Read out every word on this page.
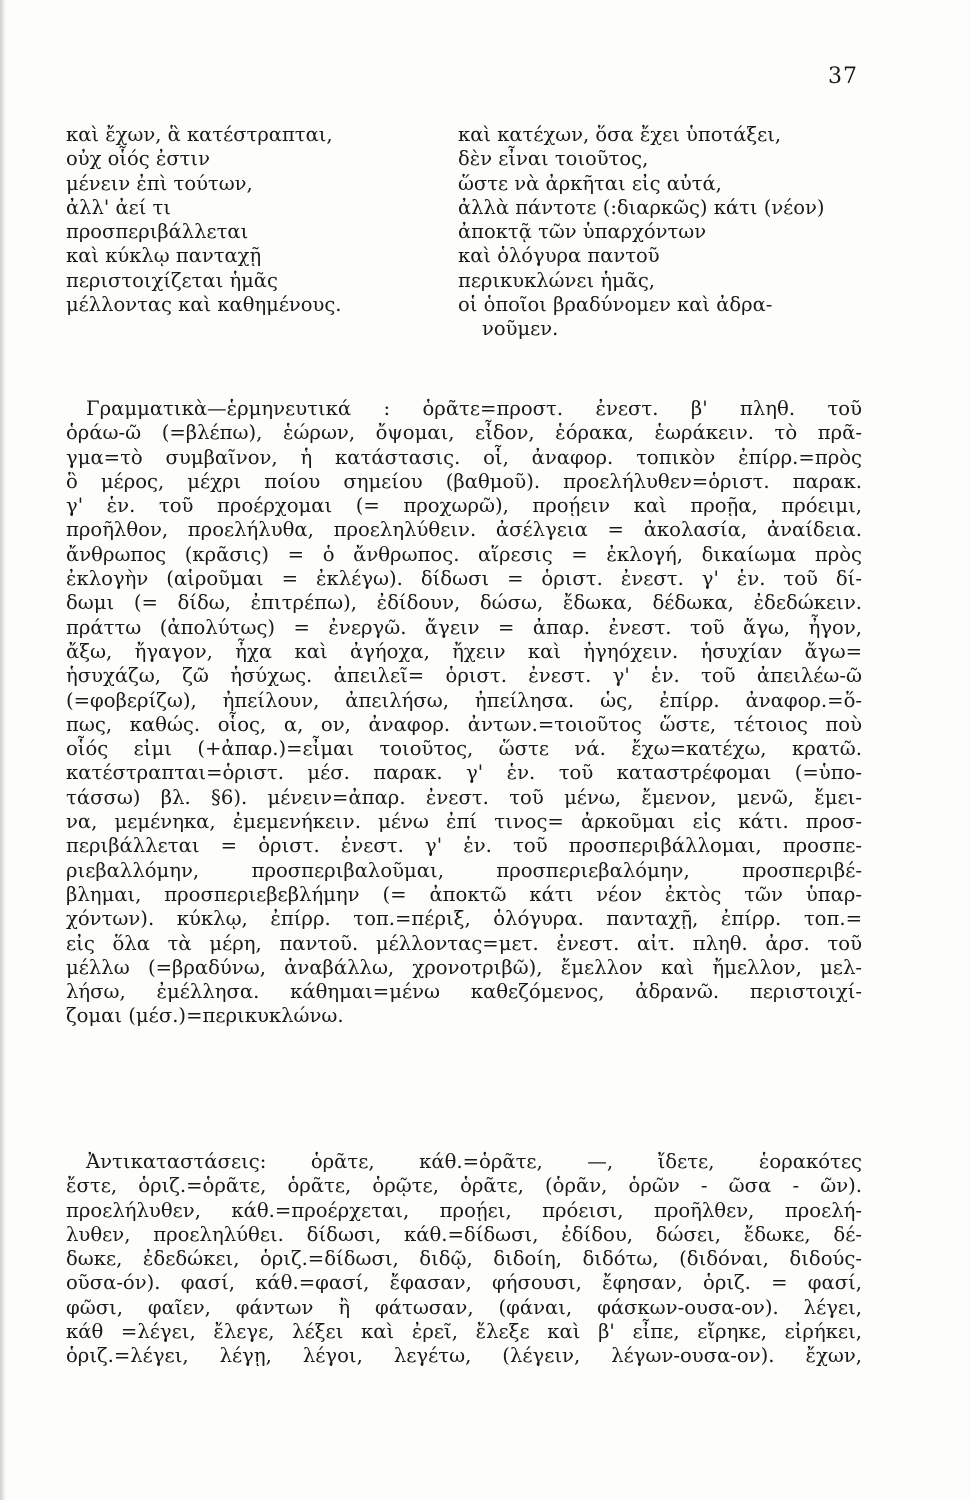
37
καὶ ἔχων, ἃ κατέστραπται,
οὐχ οἷός ἐστιν
μένειν ἐπὶ τούτων,
ἀλλ' ἀεί τι
προσπεριβάλλεται
καὶ κύκλῳ πανταχῇ
περιστοιχίζεται ἡμᾶς
μέλλοντας καὶ καθημένους.
καὶ κατέχων, ὅσα ἔχει ὑποτάξει,
δὲν εἶναι τοιοῦτος,
ὥστε νὰ ἀρκῆται εἰς αὐτά,
ἀλλὰ πάντοτε (:διαρκῶς) κάτι (νέον)
ἀποκτᾷ τῶν ὑπαρχόντων
καὶ ὁλόγυρα παντοῦ
περικυκλώνει ἡμᾶς,
οἱ ὁποῖοι βραδύνομεν καὶ ἀδρα-
νοῦμεν.
Γραμματικὰ—ἑρμηνευτικά : ὁρᾶτε=προστ. ἐνεστ. β' πληθ. τοῦ
ὁράω-ῶ (=βλέπω), ἑώρων, ὄψομαι, εἶδον, ἑόρακα, ἑωράκειν. τὸ πρᾶ-
γμα=τὸ συμβαῖνον, ἡ κατάστασις. οἷ, ἀναφορ. τοπικὸν ἐπίρρ.=πρὸς
ὃ μέρος, μέχρι ποίου σημείου (βαθμοῦ). προελήλυθεν=ὁριστ. παρακ.
γ' ἑν. τοῦ προέρχομαι (= προχωρῶ), προῄειν καὶ προῇα, πρόειμι,
προῆλθον, προελήλυθα, προεληλύθειν. ἀσέλγεια = ἀκολασία, ἀναίδεια.
ἄνθρωπος (κρᾶσις) = ὁ ἄνθρωπος. αἵρεσις = ἐκλογή, δικαίωμα πρὸς
ἐκλογὴν (αἱροῦμαι = ἐκλέγω). δίδωσι = ὁριστ. ἐνεστ. γ' ἑν. τοῦ δί-
δωμι (= δίδω, ἐπιτρέπω), ἐδίδουν, δώσω, ἔδωκα, δέδωκα, ἐδεδώκειν.
πράττω (ἀπολύτως) = ἐνεργῶ. ἄγειν = ἀπαρ. ἐνεστ. τοῦ ἄγω, ἦγον,
ἄξω, ἤγαγον, ἦχα καὶ ἀγήοχα, ἤχειν καὶ ἠγηόχειν. ἡσυχίαν ἄγω=
ἡσυχάζω, ζῶ ἡσύχως. ἀπειλεῖ= ὁριστ. ἐνεστ. γ' ἑν. τοῦ ἀπειλέω-ῶ
(=φοβερίζω), ἠπείλουν, ἀπειλήσω, ἠπείλησα. ὡς, ἐπίρρ. ἀναφορ.=ὅ-
πως, καθώς. οἷος, α, ον, ἀναφορ. ἀντων.=τοιοῦτος ὥστε, τέτοιος ποὺ
οἷός εἰμι (+ἀπαρ.)=εἶμαι τοιοῦτος, ὥστε νά. ἔχω=κατέχω, κρατῶ.
κατέστραπται=ὁριστ. μέσ. παρακ. γ' ἑν. τοῦ καταστρέφομαι (=ὑπο-
τάσσω) βλ. §6). μένειν=ἀπαρ. ἐνεστ. τοῦ μένω, ἔμενον, μενῶ, ἔμει-
να, μεμένηκα, ἐμεμενήκειν. μένω ἐπί τινος= ἀρκοῦμαι εἰς κάτι. προσ-
περιβάλλεται = ὁριστ. ἐνεστ. γ' ἑν. τοῦ προσπεριβάλλομαι, προσπε-
ριεβαλλόμην, προσπεριβαλοῦμαι, προσπεριεβαλόμην, προσπεριβέ-
βλημαι, προσπεριεβεβλήμην (= ἀποκτῶ κάτι νέον ἐκτὸς τῶν ὑπαρ-
χόντων). κύκλῳ, ἐπίρρ. τοπ.=πέριξ, ὁλόγυρα. πανταχῇ, ἐπίρρ. τοπ.=
εἰς ὅλα τὰ μέρη, παντοῦ. μέλλοντας=μετ. ἐνεστ. αἰτ. πληθ. ἀρσ. τοῦ
μέλλω (=βραδύνω, ἀναβάλλω, χρονοτριβῶ), ἔμελλον καὶ ἤμελλον, μελ-
λήσω, ἐμέλλησα. κάθημαι=μένω καθεζόμενος, ἀδρανῶ. περιστοιχί-
ζομαι (μέσ.)=περικυκλώνω.
Ἀντικαταστάσεις: ὁρᾶτε, κάθ.=ὁρᾶτε, —, ἴδετε, ἑορακότες
ἔστε, ὁριζ.=ὁρᾶτε, ὁρᾶτε, ὁρῷτε, ὁρᾶτε, (ὁρᾶν, ὁρῶν - ῶσα - ῶν).
προελήλυθεν, κάθ.=προέρχεται, προῄει, πρόεισι, προῆλθεν, προελή-
λυθεν, προεληλύθει. δίδωσι, κάθ.=δίδωσι, ἐδίδου, δώσει, ἔδωκε, δέ-
δωκε, ἐδεδώκει, ὁριζ.=δίδωσι, διδῷ, διδοίη, διδότω, (διδόναι, διδούς-
οῦσα-όν). φασί, κάθ.=φασί, ἔφασαν, φήσουσι, ἔφησαν, ὁριζ. = φασί,
φῶσι, φαῖεν, φάντων ἢ φάτωσαν, (φάναι, φάσκων-ουσα-ον). λέγει,
κάθ =λέγει, ἔλεγε, λέξει καὶ ἐρεῖ, ἔλεξε καὶ β' εἶπε, εἴρηκε, εἰρήκει,
ὁριζ.=λέγει, λέγῃ, λέγοι, λεγέτω, (λέγειν, λέγων-ουσα-ον). ἔχων,
